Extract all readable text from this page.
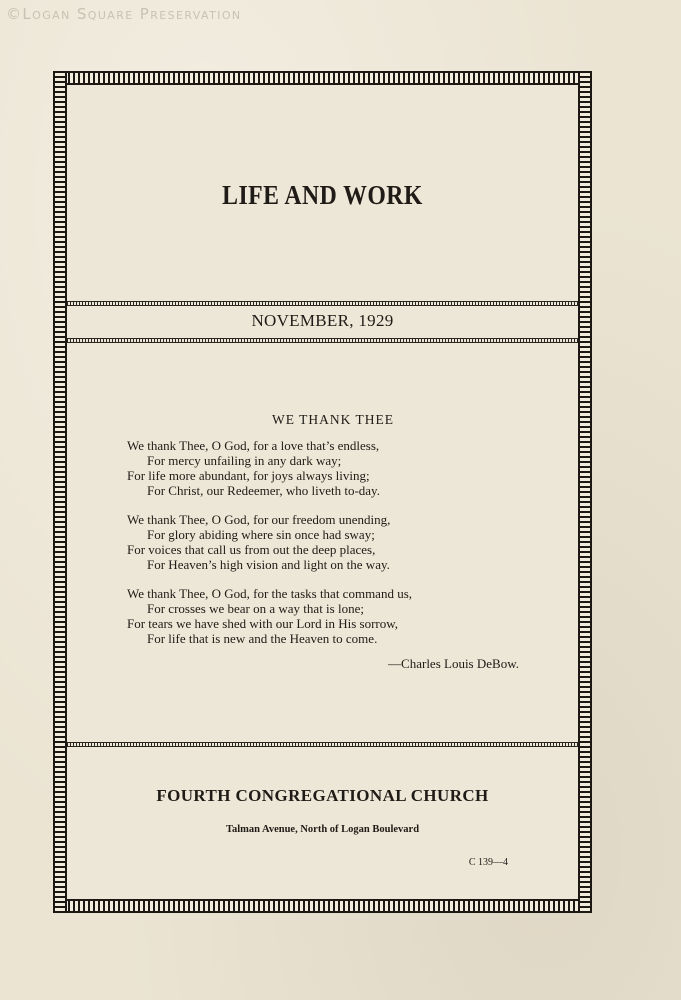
©Logan Square Preservation
LIFE AND WORK
NOVEMBER, 1929
WE THANK THEE
We thank Thee, O God, for a love that’s endless,
For mercy unfailing in any dark way;
For life more abundant, for joys always living;
For Christ, our Redeemer, who liveth to-day.
We thank Thee, O God, for our freedom unending,
For glory abiding where sin once had sway;
For voices that call us from out the deep places,
For Heaven’s high vision and light on the way.
We thank Thee, O God, for the tasks that command us,
For crosses we bear on a way that is lone;
For tears we have shed with our Lord in His sorrow,
For life that is new and the Heaven to come.
—Charles Louis DeBow.
FOURTH CONGREGATIONAL CHURCH
Talman Avenue, North of Logan Boulevard
C 139—4
